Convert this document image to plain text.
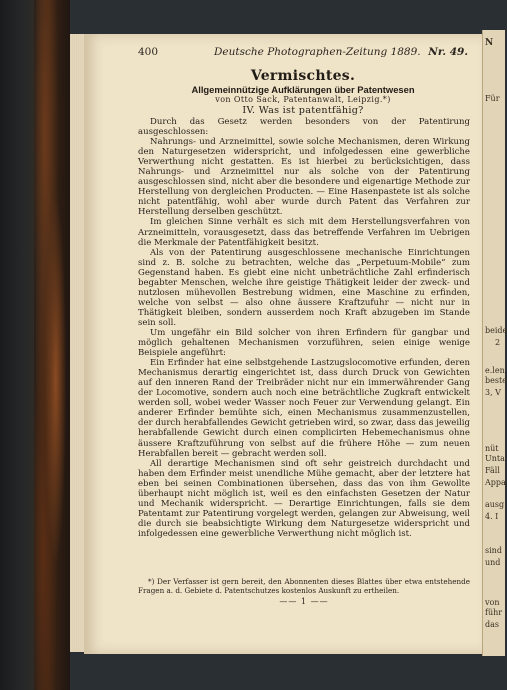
N
Für
beide
2
e.len
beste
3, V
nüt
Unta
Fäll
Appa
ausg
4. I
sind
und
von
führ
das
400	Deutsche Photographen-Zeitung 1889. Nr. 49.
Vermischtes.
Allgemeinnützige Aufklärungen über Patentwesen
von Otto Sack, Patentanwalt, Leipzig.*)
IV. Was ist patentfähig?

Durch das Gesetz werden besonders von der Patentirung ausgeschlossen:

Nahrungs- und Arzneimittel, sowie solche Mechanismen, deren Wirkung den Naturgesetzen widerspricht, und infolgedessen eine gewerbliche Verwerthung nicht gestatten. Es ist hierbei zu berücksichtigen, dass Nahrungs- und Arzneimittel nur als solche von der Patentirung ausgeschlossen sind, nicht aber die besondere und eigenartige Methode zur Herstellung von dergleichen Producten. — Eine Hasenpastete ist als solche nicht patentfähig, wohl aber wurde durch Patent das Verfahren zur Herstellung derselben geschützt.

Im gleichen Sinne verhält es sich mit dem Herstellungsverfahren von Arzneimitteln, vorausgesetzt, dass das betreffende Verfahren im Uebrigen die Merkmale der Patentfähigkeit besitzt.

Als von der Patentirung ausgeschlossene mechanische Einrichtungen sind z. B. solche zu betrachten, welche das „Perpetuum-Mobile“ zum Gegenstand haben. Es giebt eine nicht unbeträchtliche Zahl erfinderisch begabter Menschen, welche ihre geistige Thätigkeit leider der zweck- und nutzlosen mühevollen Bestrebung widmen, eine Maschine zu erfinden, welche von selbst — also ohne äussere Kraftzufuhr — nicht nur in Thätigkeit bleiben, sondern ausserdem noch Kraft abzugeben im Stande sein soll.

Um ungefähr ein Bild solcher von ihren Erfindern für gangbar und möglich gehaltenen Mechanismen vorzuführen, seien einige wenige Beispiele angeführt:

Ein Erfinder hat eine selbstgehende Lastzugslocomotive erfunden, deren Mechanismus derartig eingerichtet ist, dass durch Druck von Gewichten auf den inneren Rand der Treibräder nicht nur ein immerwährender Gang der Locomotive, sondern auch noch eine beträchtliche Zugkraft entwickelt werden soll, wobei weder Wasser noch Feuer zur Verwendung gelangt. Ein anderer Erfinder bemühte sich, einen Mechanismus zusammenzustellen, der durch herabfallendes Gewicht getrieben wird, so zwar, dass das jeweilig herabfallende Gewicht durch einen complicirten Hebemechanismus ohne äussere Kraftzuführung von selbst auf die frühere Höhe — zum neuen Herabfallen bereit — gebracht werden soll.

All derartige Mechanismen sind oft sehr geistreich durchdacht und haben dem Erfinder meist unendliche Mühe gemacht, aber der letztere hat eben bei seinen Combinationen übersehen, dass das von ihm Gewollte überhaupt nicht möglich ist, weil es den einfachsten Gesetzen der Natur und Mechanik widerspricht. — Derartige Einrichtungen, falls sie dem Patentamt zur Patentirung vorgelegt werden, gelangen zur Abweisung, weil die durch sie beabsichtigte Wirkung dem Naturgesetze widerspricht und infolgedessen eine gewerbliche Verwerthung nicht möglich ist.

*) Der Verfasser ist gern bereit, den Abonnenten dieses Blattes über etwa entstehende Fragen a. d. Gebiete d. Patentschutzes kostenlos Auskunft zu ertheilen.

—— 1 ——
